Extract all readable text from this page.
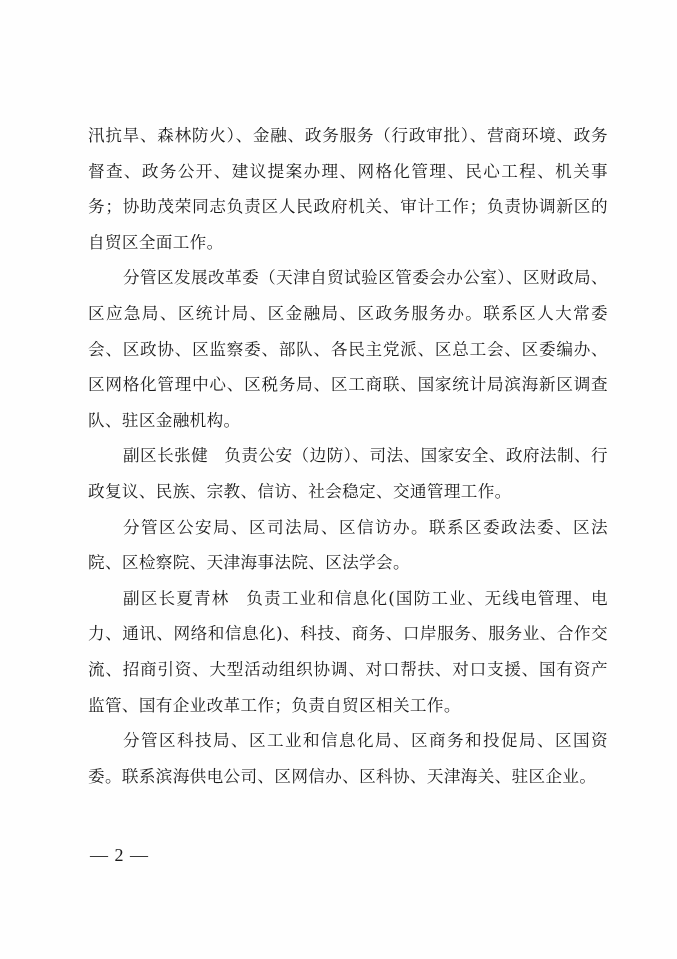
汛抗旱、森林防火）、金融、政务服务（行政审批）、营商环境、政务督查、政务公开、建议提案办理、网格化管理、民心工程、机关事务；协助茂荣同志负责区人民政府机关、审计工作；负责协调新区的自贸区全面工作。

分管区发展改革委（天津自贸试验区管委会办公室）、区财政局、区应急局、区统计局、区金融局、区政务服务办。联系区人大常委会、区政协、区监察委、部队、各民主党派、区总工会、区委编办、区网格化管理中心、区税务局、区工商联、国家统计局滨海新区调查队、驻区金融机构。

副区长张健 负责公安（边防）、司法、国家安全、政府法制、行政复议、民族、宗教、信访、社会稳定、交通管理工作。

分管区公安局、区司法局、区信访办。联系区委政法委、区法院、区检察院、天津海事法院、区法学会。

副区长夏青林 负责工业和信息化(国防工业、无线电管理、电力、通讯、网络和信息化)、科技、商务、口岸服务、服务业、合作交流、招商引资、大型活动组织协调、对口帮扶、对口支援、国有资产监管、国有企业改革工作；负责自贸区相关工作。

分管区科技局、区工业和信息化局、区商务和投促局、区国资委。联系滨海供电公司、区网信办、区科协、天津海关、驻区企业。

— 2 —
